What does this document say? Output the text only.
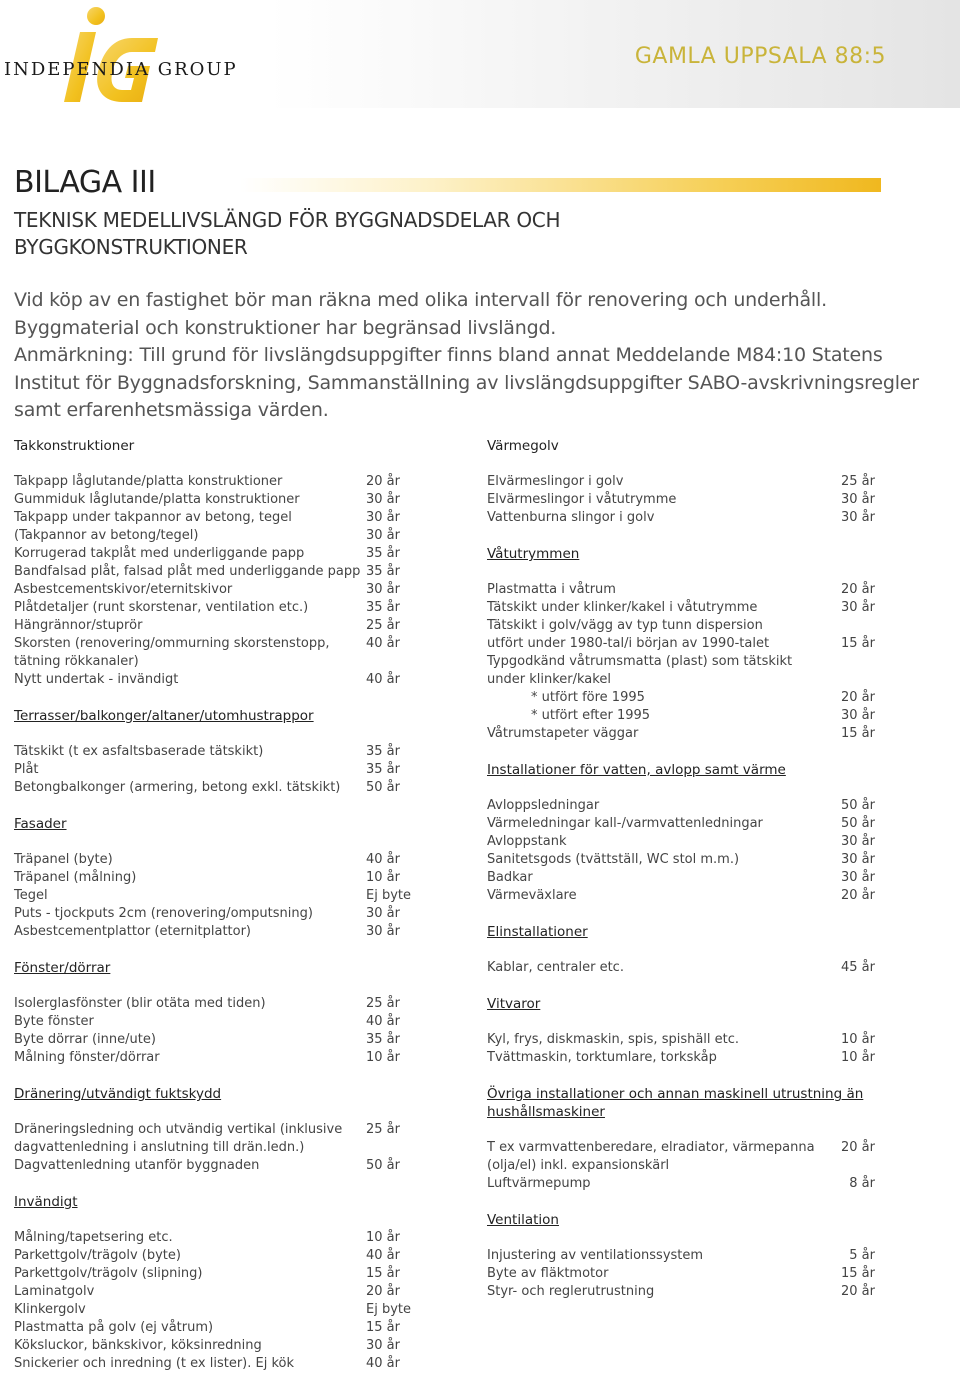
INDEPENDIA GROUP
GAMLA UPPSALA 88:5
BILAGA III
TEKNISK MEDELLIVSLÄNGD FÖR BYGGNADSDELAR OCH BYGGKONSTRUKTIONER
Vid köp av en fastighet bör man räkna med olika intervall för renovering och underhåll. Byggmaterial och konstruktioner har begränsad livslängd.
Anmärkning: Till grund för livslängdsuppgifter finns bland annat Meddelande M84:10 Statens Institut för Byggnadsforskning, Sammanställning av livslängdsuppgifter SABO-avskrivningsregler samt erfarenhetsmässiga värden.
Takkonstruktioner
Takpapp låglutande/platta konstruktioner	20 år
Gummiduk låglutande/platta konstruktioner	30 år
Takpapp under takpannor av betong, tegel	30 år
(Takpannor av betong/tegel)	30 år
Korrugerad takplåt med underliggande papp	35 år
Bandfalsad plåt, falsad plåt med underliggande papp 35 år
Asbestcementskivor/eternitskivor	30 år
Plåtdetaljer (runt skorstenar, ventilation etc.)	35 år
Hängrännor/stuprör	25 år
Skorsten (renovering/ommurning skorstenstopp, tätning rökkanaler)
40 år
Nytt undertak - invändigt	40 år
Terrasser/balkonger/altaner/utomhustrappor
Tätskikt (t ex asfaltsbaserade tätskikt)	35 år
Plåt	35 år
Betongbalkonger (armering, betong exkl. tätskikt)	50 år
Fasader
Träpanel (byte)	40 år
Träpanel (målning)	10 år
Tegel	Ej byte
Puts - tjockputs 2cm (renovering/omputsning)	30 år
Asbestcementplattor (eternitplattor)	30 år
Fönster/dörrar
Isolerglasfönster (blir otäta med tiden)	25 år
Byte fönster	40 år
Byte dörrar (inne/ute)	35 år
Målning fönster/dörrar	10 år
Dränering/utvändigt fuktskydd
Dräneringsledning och utvändig vertikal (inklusive dagvattenledning i anslutning till drän.ledn.)
25 år
Dagvattenledning utanför byggnaden	50 år
Invändigt
Målning/tapetsering etc.	10 år
Parkettgolv/trägolv (byte)	40 år
Parkettgolv/trägolv (slipning)	15 år
Laminatgolv	20 år
Klinkergolv	Ej byte
Plastmatta på golv (ej våtrum)	15 år
Köksluckor, bänkskivor, köksinredning	30 år
Snickerier och inredning (t ex lister). Ej kök	40 år
Värmegolv
Elvärmeslingor i golv	25 år
Elvärmeslingor i våtutrymme	30 år
Vattenburna slingor i golv	30 år
Våtutrymmen
Plastmatta i våtrum	20 år
Tätskikt under klinker/kakel i våtutrymme	30 år
Tätskikt i golv/vägg av typ tunn dispersion
utfört under 1980-tal/i början av 1990-talet	15 år
Typgodkänd våtrumsmatta (plast) som tätskikt under klinker/kakel
* utfört före 1995	20 år
* utfört efter 1995	30 år
Våtrumstapeter väggar	15 år
Installationer för vatten, avlopp samt värme
Avloppsledningar	50 år
Värmeledningar kall-/varmvattenledningar	50 år
Avloppstank	30 år
Sanitetsgods (tvättställ, WC stol m.m.)	30 år
Badkar	30 år
Värmeväxlare	20 år
Elinstallationer
Kablar, centraler etc.	45 år
Vitvaror
Kyl, frys, diskmaskin, spis, spishäll etc.	10 år
Tvättmaskin, torktumlare, torkskåp	10 år
Övriga installationer och annan maskinell utrustning än hushållsmaskiner
T ex varmvattenberedare, elradiator, värmepanna (olja/el) inkl. expansionskärl
20 år
Luftvärmepump	8 år
Ventilation
Injustering av ventilationssystem	5 år
Byte av fläktmotor	15 år
Styr- och reglerutrustning	20 år
